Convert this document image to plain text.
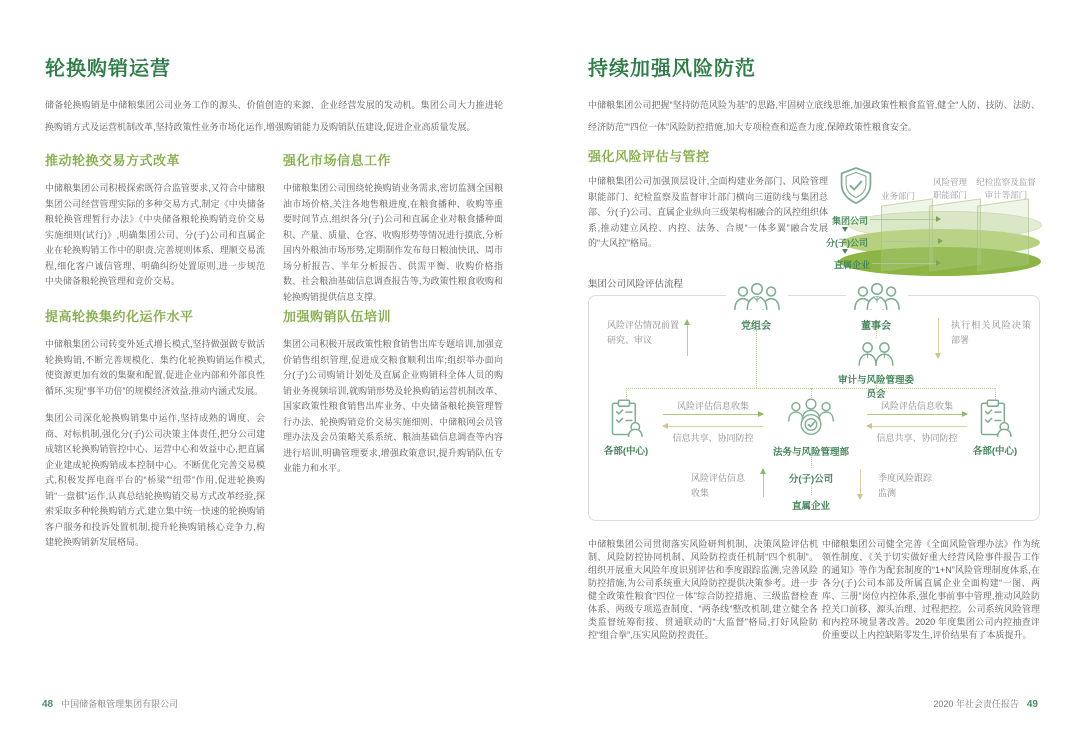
轮换购销运营
储备轮换购销是中储粮集团公司业务工作的源头、价值创造的来源、企业经营发展的发动机。集团公司大力推进轮换购销方式及运营机制改革,坚持政策性业务市场化运作,增强购销能力及购销队伍建设,促进企业高质量发展。
推动轮换交易方式改革

中储粮集团公司积极探索既符合监管要求,又符合中储粮集团公司经营管理实际的多种交易方式,制定《中央储备粮轮换管理暂行办法》《中央储备粮轮换购销竞价交易实施细则(试行)》,明确集团公司、分(子)公司和直属企业在轮换购销工作中的职责,完善规则体系、理顺交易流程,细化客户诚信管理、明确纠纷处置原则,进一步规范中央储备粮轮换管理和竞价交易。

强化市场信息工作

中储粮集团公司围绕轮换购销业务需求,密切监测全国粮油市场价格,关注各地售粮进度,在粮食播种、收购等重要时间节点,组织各分(子)公司和直属企业对粮食播种面积、产量、质量、仓容、收购形势等情况进行摸底,分析国内外粮油市场形势,定期制作发布每日粮油快讯、周市场分析报告、半年分析报告、供需平衡、收购价格指数、社会粮油基础信息调查报告等,为政策性粮食收购和轮换购销提供信息支撑。

提高轮换集约化运作水平

中储粮集团公司转变外延式增长模式,坚持做强做专做活轮换购销,不断完善规模化、集约化轮换购销运作模式,使资源更加有效的集聚和配置,促进企业内部和外部良性循环,实现“事半功倍”的规模经济效益,推动内涵式发展。

集团公司深化轮换购销集中运作,坚持成熟的调度、会商、对标机制,强化分(子)公司决策主体责任,把分公司建成辖区轮换购销管控中心、运营中心和效益中心,把直属企业建成轮换购销成本控制中心。不断优化完善交易模式,积极发挥电商平台的“桥梁”“纽带”作用,促进轮换购销“一盘棋”运作,认真总结轮换购销交易方式改革经验,探索采取多种轮换购销方式,建立集中统一快速的轮换购销客户服务和投诉处置机制,提升轮换购销核心竞争力,构建轮换购销新发展格局。

加强购销队伍培训

集团公司积极开展政策性粮食销售出库专题培训,加强竞价销售组织管理,促进成交粮食顺利出库;组织举办面向分(子)公司购销计划处及直属企业购销科全体人员的购销业务视频培训,就购销形势及轮换购销运营机制改革、国家政策性粮食销售出库业务、中央储备粮轮换管理暂行办法、轮换购销竞价交易实施细则、中储粮网会员管理办法及会员策略关系系统、粮油基础信息调查等内容进行培训,明确管理要求,增强政策意识,提升购销队伍专业能力和水平。

持续加强风险防范
中储粮集团公司把握“坚持防范风险为基”的思路,牢固树立底线思维,加强政策性粮食监管,健全“人防、技防、法防、经济防范”“四位一体”风险防控措施,加大专项检查和巡查力度,保障政策性粮食安全。
强化风险评估与管控

中储粮集团公司加强顶层设计,全面构建业务部门、风险管理职能部门、纪检监察及监督审计部门横向三道防线与集团总部、分(子)公司、直属企业纵向三级架构相融合的风控组织体系,推动建立风控、内控、法务、合规“一体多翼”融合发展的“大风控”格局。

业务部门

风险管理
职能部门
纪检监察及监督
审计等部门
集团公司
分(子)公司
直属企业
集团公司风险评估流程
党组会	董事会
风险评估情况前置研究、审议
执行相关风险决策部署
审计与风险管理委员会
各部(中心)	法务与风险管理部	各部(中心)
风险评估信息收集
信息共享、协同防控
风险评估信息收集
信息共享、协同防控
分(子)公司
直属企业
风险评估信息
收集
季度风险跟踪
监测

中储粮集团公司贯彻落实风险研判机制、决策风险评估机制、风险防控协同机制、风险防控责任机制“四个机制”。组织开展重大风险年度识别评估和季度跟踪监测,完善风险防控措施,为公司系统重大风险防控提供决策参考。进一步健全政策性粮食“四位一体”综合防控措施、三级监督检查体系、两级专项巡查制度、“两条线”整改机制,建立健全各类监督统筹衔接、贯通联动的“大监督”格局,打好风险防控“组合拳”,压实风险防控责任。

中储粮集团公司健全完善《全面风险管理办法》作为统领性制度、《关于切实做好重大经营风险事件报告工作的通知》等作为配套制度的“1+N”风险管理制度体系,在各分(子)公司本部及所属直属企业全面构建“一图、两库、三册”岗位内控体系,强化事前事中管理,推动风险防控关口前移、源头治理、过程把控。公司系统风险管理和内控环境显著改善。2020 年度集团公司内控抽查评价重要以上内控缺陷零发生,评价结果有了本质提升。

48 中国储备粮管理集团有限公司	2020 年社会责任报告 49
